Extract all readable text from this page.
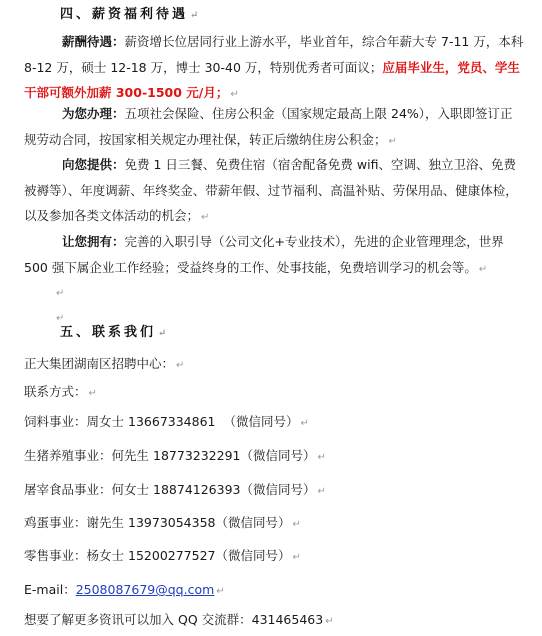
四、薪资福利待遇 ↵
薪酬待遇：薪资增长位居同行业上游水平，毕业首年，综合年薪大专 7-11 万，本科 8-12 万，硕士 12-18 万，博士 30-40 万，特别优秀者可面议；应届毕业生，党员、学生干部可额外加薪 300-1500 元/月； ↵
为您办理：五项社会保险、住房公积金（国家规定最高上限 24%），入职即签订正规劳动合同，按国家相关规定办理社保，转正后缴纳住房公积金； ↵
向您提供：免费 1 日三餐、免费住宿（宿舍配备免费 wifi、空调、独立卫浴、免费被褥等）、年度调薪、年终奖金、带薪年假、过节福利、高温补贴、劳保用品、健康体检，以及参加各类文体活动的机会； ↵
让您拥有：完善的入职引导（公司文化+专业技术），先进的企业管理理念，世界 500 强下属企业工作经验；受益终身的工作、处事技能，免费培训学习的机会等。 ↵
↵
↵
五、联系我们 ↵
正大集团湖南区招聘中心： ↵
联系方式： ↵
饲料事业：周女士 13667334861 （微信同号） ↵
生猪养殖事业：何先生 18773232291（微信同号） ↵
屠宰食品事业：何女士 18874126393（微信同号） ↵
鸡蛋事业：谢先生 13973054358（微信同号） ↵
零售事业：杨女士 15200277527（微信同号） ↵
E-mail：2508087679@qq.com ↵
想要了解更多资讯可以加入 QQ 交流群：431465463 ↵
